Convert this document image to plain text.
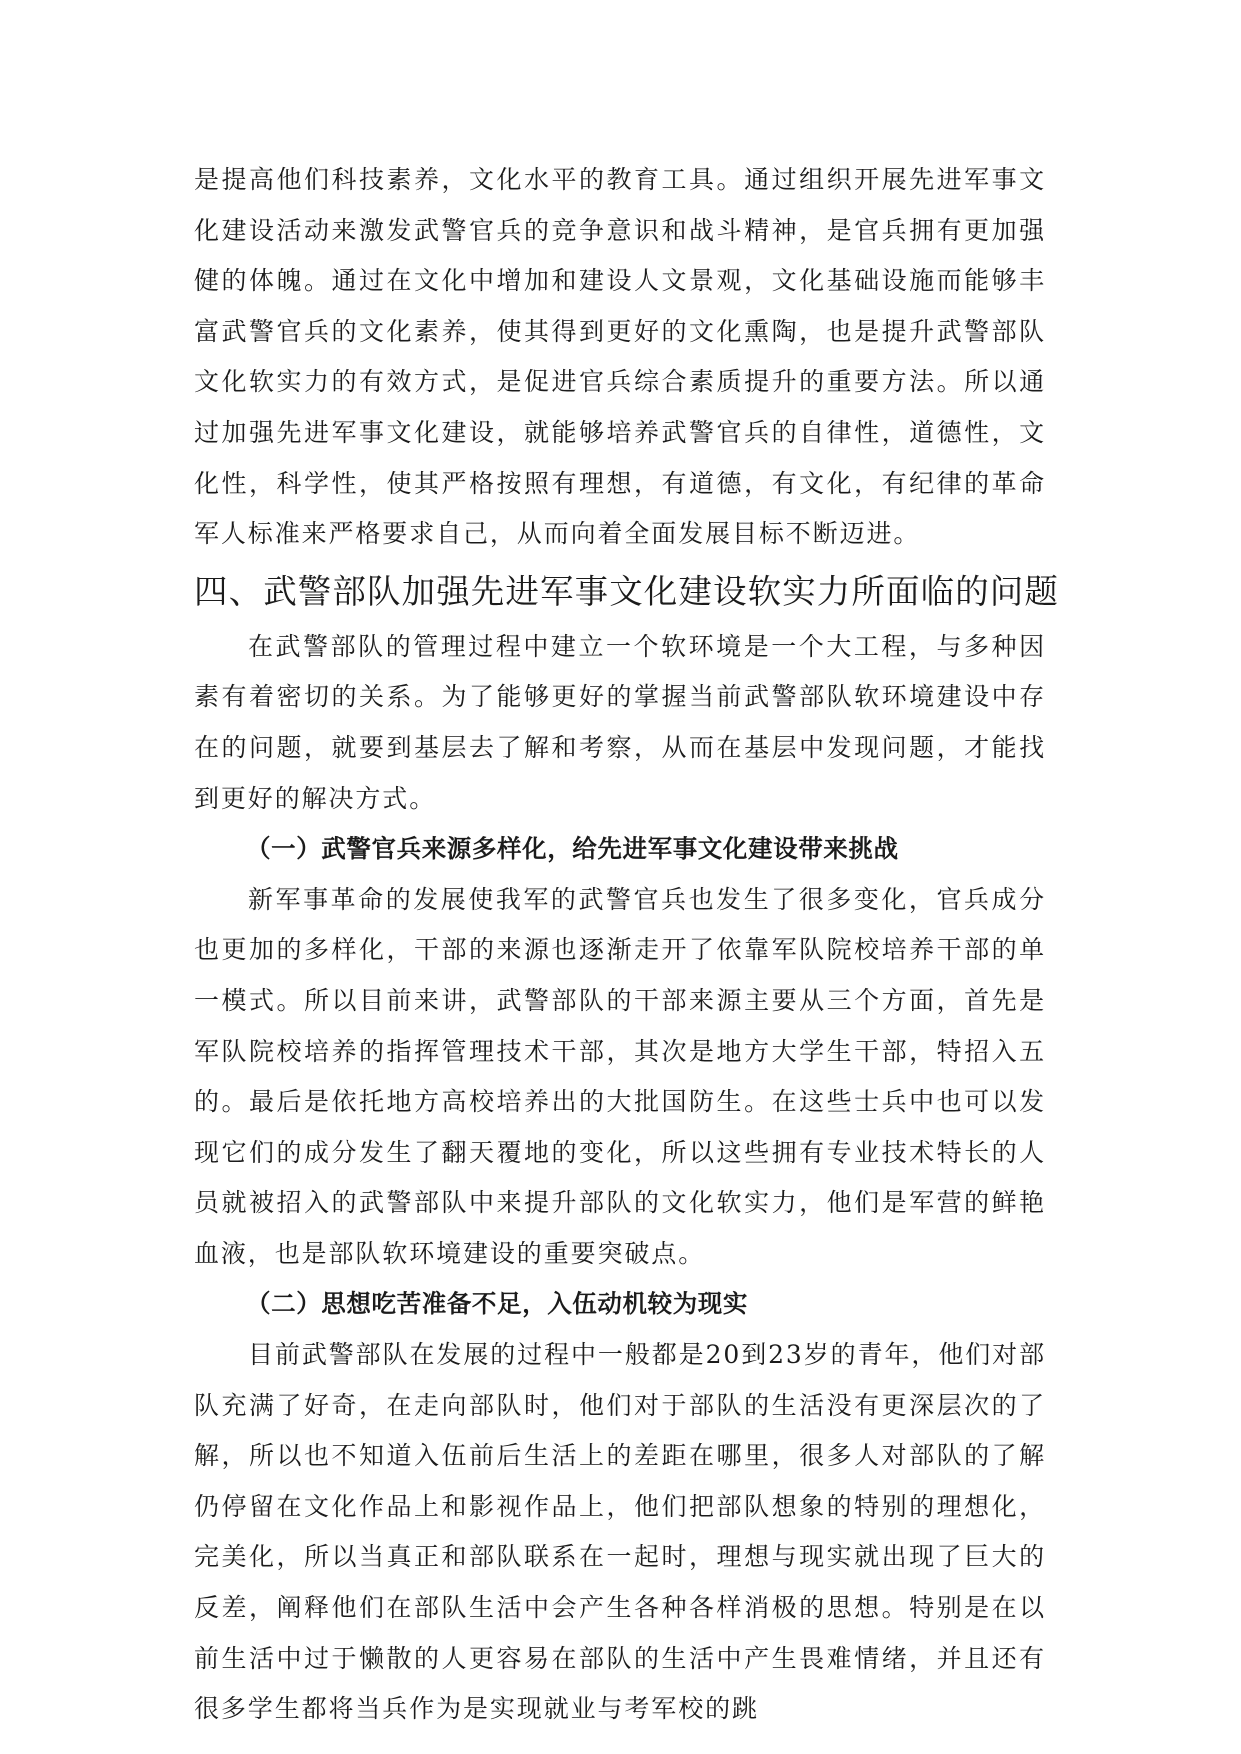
是提高他们科技素养，文化水平的教育工具。通过组织开展先进军事文化建设活动来激发武警官兵的竞争意识和战斗精神，是官兵拥有更加强健的体魄。通过在文化中增加和建设人文景观，文化基础设施而能够丰富武警官兵的文化素养，使其得到更好的文化熏陶，也是提升武警部队文化软实力的有效方式，是促进官兵综合素质提升的重要方法。所以通过加强先进军事文化建设，就能够培养武警官兵的自律性，道德性，文化性，科学性，使其严格按照有理想，有道德，有文化，有纪律的革命军人标准来严格要求自己，从而向着全面发展目标不断迈进。

四、武警部队加强先进军事文化建设软实力所面临的问题

在武警部队的管理过程中建立一个软环境是一个大工程，与多种因素有着密切的关系。为了能够更好的掌握当前武警部队软环境建设中存在的问题，就要到基层去了解和考察，从而在基层中发现问题，才能找到更好的解决方式。

（一）武警官兵来源多样化，给先进军事文化建设带来挑战

新军事革命的发展使我军的武警官兵也发生了很多变化，官兵成分也更加的多样化，干部的来源也逐渐走开了依靠军队院校培养干部的单一模式。所以目前来讲，武警部队的干部来源主要从三个方面，首先是军队院校培养的指挥管理技术干部，其次是地方大学生干部，特招入五的。最后是依托地方高校培养出的大批国防生。在这些士兵中也可以发现它们的成分发生了翻天覆地的变化，所以这些拥有专业技术特长的人员就被招入的武警部队中来提升部队的文化软实力，他们是军营的鲜艳血液，也是部队软环境建设的重要突破点。

（二）思想吃苦准备不足，入伍动机较为现实

目前武警部队在发展的过程中一般都是20到23岁的青年，他们对部队充满了好奇，在走向部队时，他们对于部队的生活没有更深层次的了解，所以也不知道入伍前后生活上的差距在哪里，很多人对部队的了解仍停留在文化作品上和影视作品上，他们把部队想象的特别的理想化，完美化，所以当真正和部队联系在一起时，理想与现实就出现了巨大的反差，阐释他们在部队生活中会产生各种各样消极的思想。特别是在以前生活中过于懒散的人更容易在部队的生活中产生畏难情绪，并且还有很多学生都将当兵作为是实现就业与考军校的跳
